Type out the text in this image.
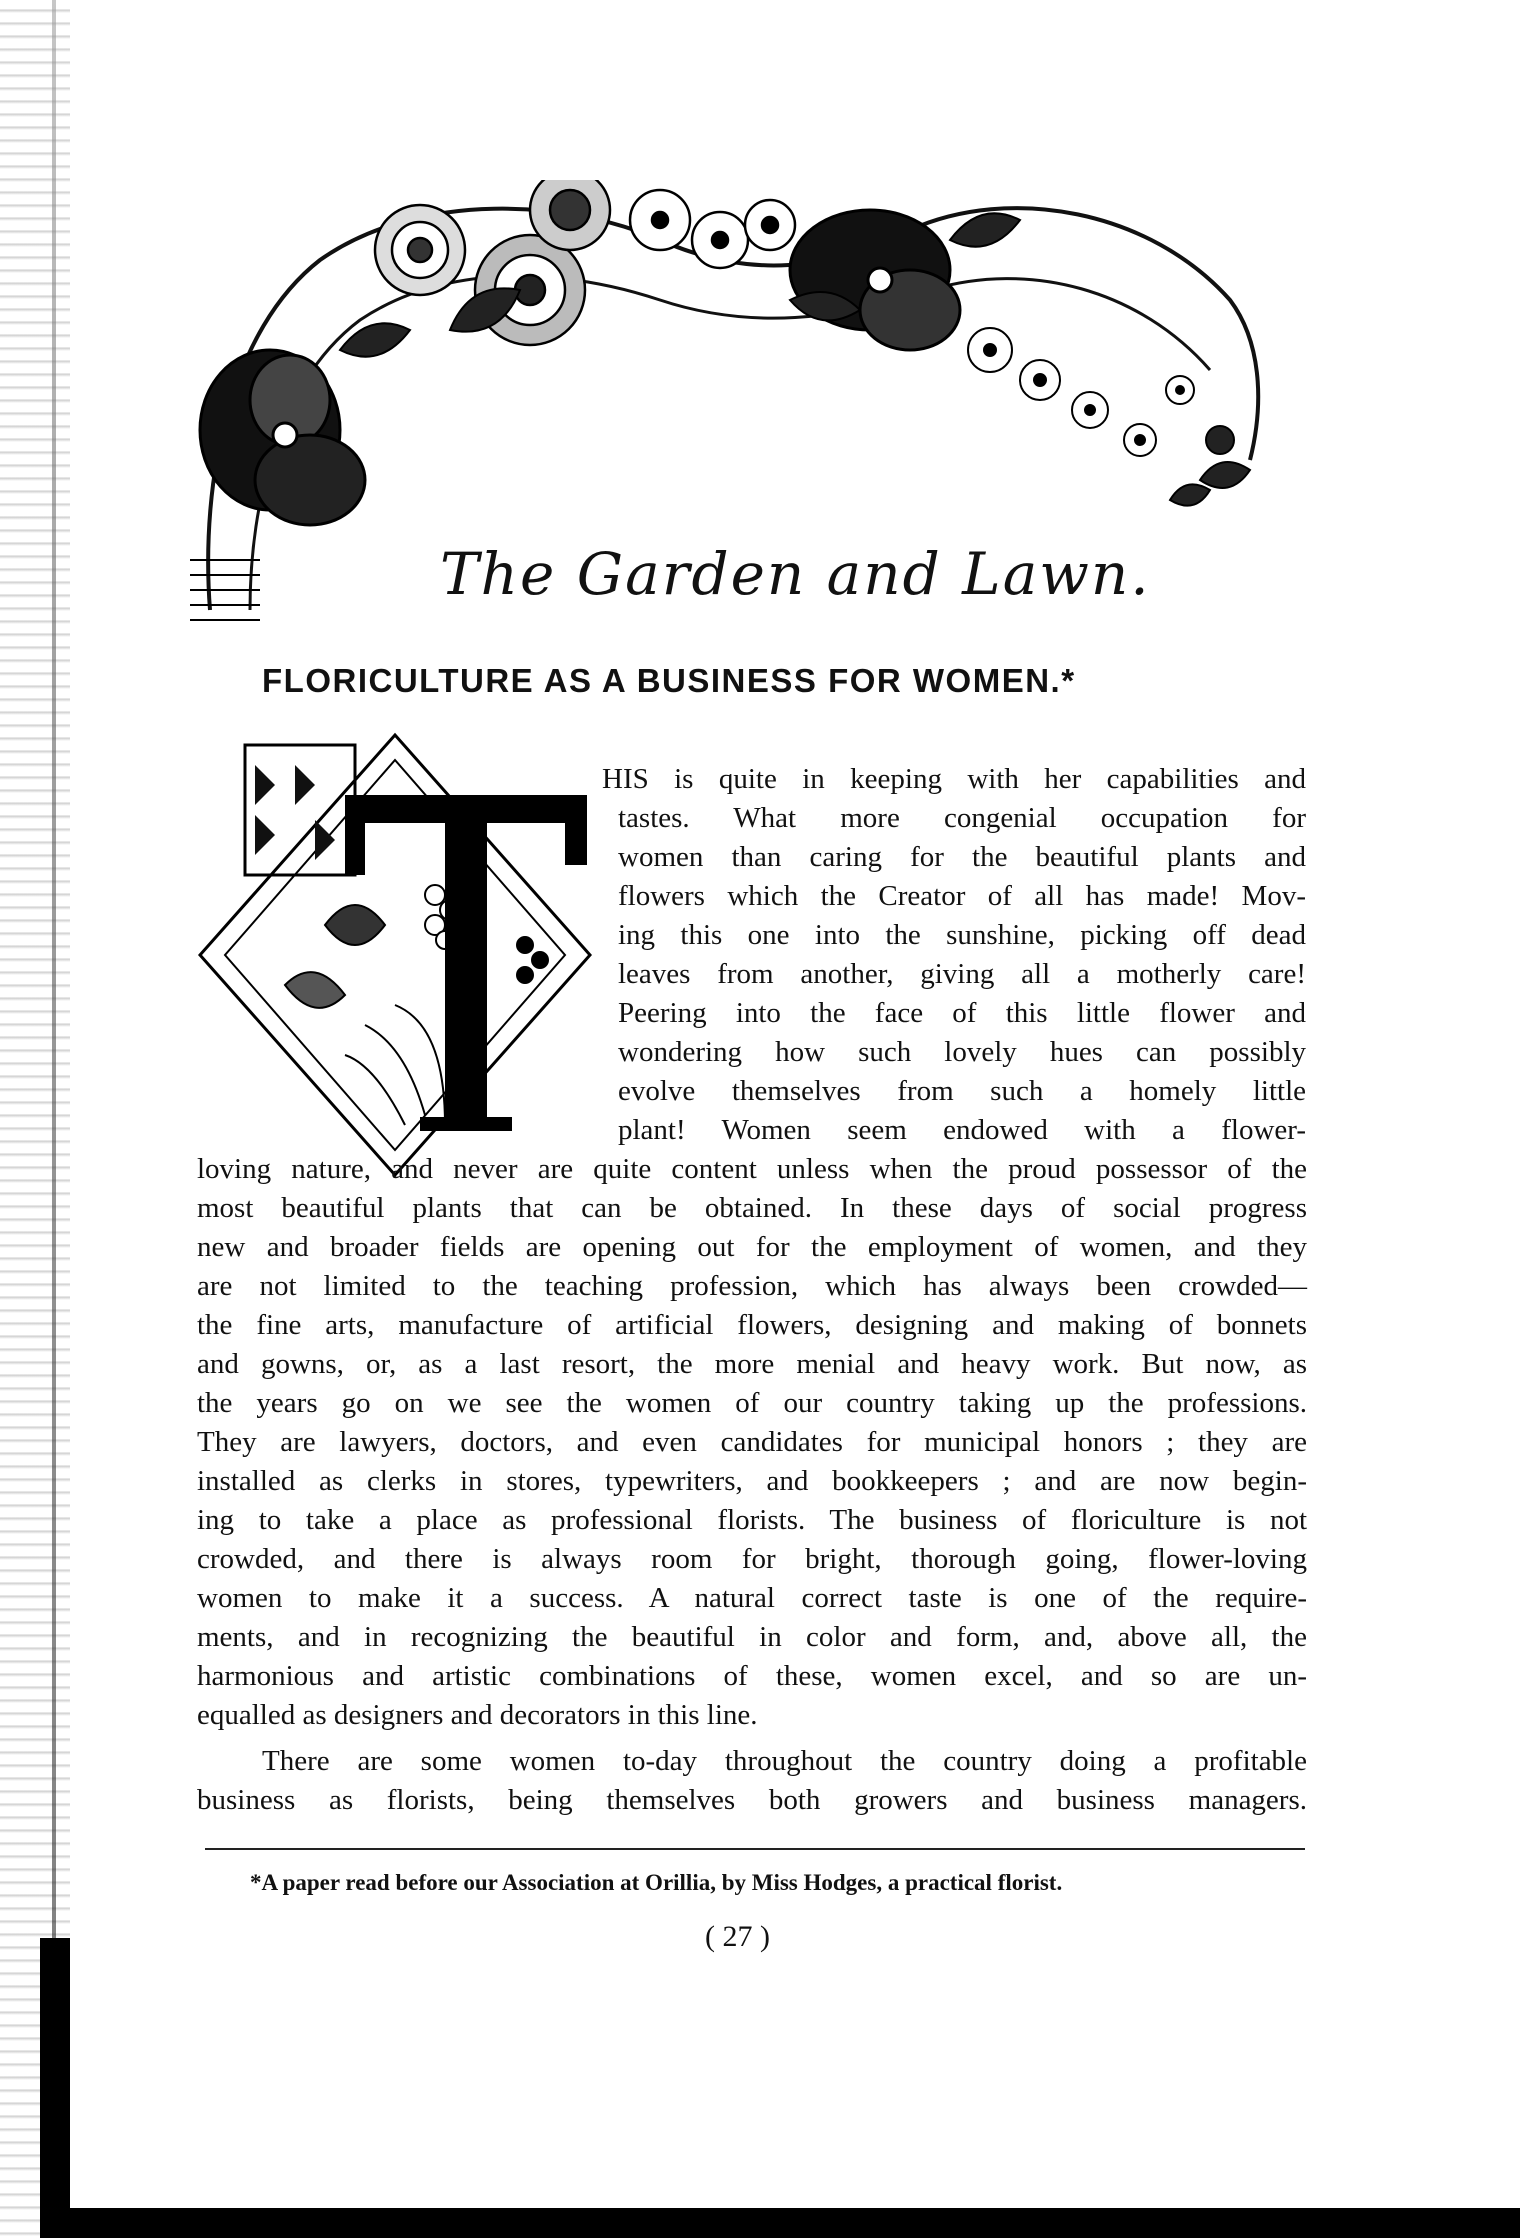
The Garden and Lawn.
FLORICULTURE AS A BUSINESS FOR WOMEN.*
T
HIS is quite in keeping with her capabilities and
tastes. What more congenial occupation for
women than caring for the beautiful plants and
flowers which the Creator of all has made! Mov-
ing this one into the sunshine, picking off dead
leaves from another, giving all a motherly care!
Peering into the face of this little flower and
wondering how such lovely hues can possibly
evolve themselves from such a homely little
plant! Women seem endowed with a flower-
loving nature, and never are quite content unless when the proud possessor of the
most beautiful plants that can be obtained. In these days of social progress
new and broader fields are opening out for the employment of women, and they
are not limited to the teaching profession, which has always been crowded—
the fine arts, manufacture of artificial flowers, designing and making of bonnets
and gowns, or, as a last resort, the more menial and heavy work. But now, as
the years go on we see the women of our country taking up the professions.
They are lawyers, doctors, and even candidates for municipal honors ; they are
installed as clerks in stores, typewriters, and bookkeepers ; and are now begin-
ing to take a place as professional florists. The business of floriculture is not
crowded, and there is always room for bright, thorough going, flower-loving
women to make it a success. A natural correct taste is one of the require-
ments, and in recognizing the beautiful in color and form, and, above all, the
harmonious and artistic combinations of these, women excel, and so are un-
equalled as designers and decorators in this line.
There are some women to-day throughout the country doing a profitable
business as florists, being themselves both growers and business managers.
*A paper read before our Association at Orillia, by Miss Hodges, a practical florist.
( 27 )
